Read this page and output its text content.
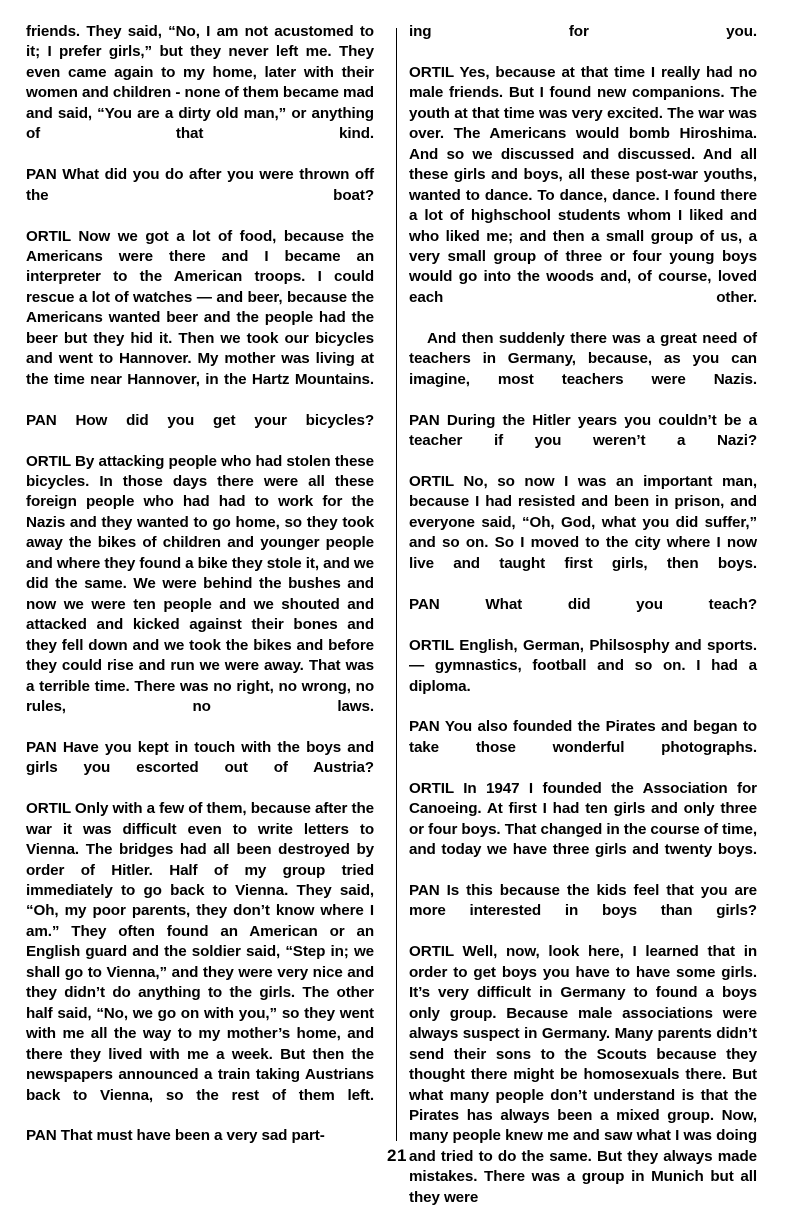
friends. They said, “No, I am not acustomed to it; I prefer girls,” but they never left me. They even came again to my home, later with their women and children - none of them became mad and said, “You are a dirty old man,” or anything of that kind.

PAN What did you do after you were thrown off the boat?

ORTIL Now we got a lot of food, because the Americans were there and I became an interpreter to the American troops. I could rescue a lot of watches — and beer, because the Americans wanted beer and the people had the beer but they hid it. Then we took our bicycles and went to Hannover. My mother was living at the time near Hannover, in the Hartz Mountains.

PAN How did you get your bicycles?

ORTIL By attacking people who had stolen these bicycles. In those days there were all these foreign people who had had to work for the Nazis and they wanted to go home, so they took away the bikes of children and younger people and where they found a bike they stole it, and we did the same. We were behind the bushes and now we were ten people and we shouted and attacked and kicked against their bones and they fell down and we took the bikes and before they could rise and run we were away. That was a terrible time. There was no right, no wrong, no rules, no laws.

PAN Have you kept in touch with the boys and girls you escorted out of Austria?

ORTIL Only with a few of them, because after the war it was difficult even to write letters to Vienna. The bridges had all been destroyed by order of Hitler. Half of my group tried immediately to go back to Vienna. They said, “Oh, my poor parents, they don’t know where I am.” They often found an American or an English guard and the soldier said, “Step in; we shall go to Vienna,” and they were very nice and they didn’t do anything to the girls. The other half said, “No, we go on with you,” so they went with me all the way to my mother’s home, and there they lived with me a week. But then the newspapers announced a train taking Austrians back to Vienna, so the rest of them left.

PAN That must have been a very sad part-

ing for you.

ORTIL Yes, because at that time I really had no male friends. But I found new companions. The youth at that time was very excited. The war was over. The Americans would bomb Hiroshima. And so we discussed and discussed. And all these girls and boys, all these post-war youths, wanted to dance. To dance, dance. I found there a lot of highschool students whom I liked and who liked me; and then a small group of us, a very small group of three or four young boys would go into the woods and, of course, loved each other.

And then suddenly there was a great need of teachers in Germany, because, as you can imagine, most teachers were Nazis.

PAN During the Hitler years you couldn’t be a teacher if you weren’t a Nazi?

ORTIL No, so now I was an important man, because I had resisted and been in prison, and everyone said, “Oh, God, what you did suffer,” and so on. So I moved to the city where I now live and taught first girls, then boys.

PAN What did you teach?

ORTIL English, German, Philsosphy and sports. — gymnastics, football and so on. I had a diploma.

PAN You also founded the Pirates and began to take those wonderful photographs.

ORTIL In 1947 I founded the Association for Canoeing. At first I had ten girls and only three or four boys. That changed in the course of time, and today we have three girls and twenty boys.

PAN Is this because the kids feel that you are more interested in boys than girls?

ORTIL Well, now, look here, I learned that in order to get boys you have to have some girls. It’s very difficult in Germany to found a boys only group. Because male associations were always suspect in Germany. Many parents didn’t send their sons to the Scouts because they thought there might be homosexuals there. But what many people don’t understand is that the Pirates has always been a mixed group. Now, many people knew me and saw what I was doing and tried to do the same. But they always made mistakes. There was a group in Munich but all they were

21
